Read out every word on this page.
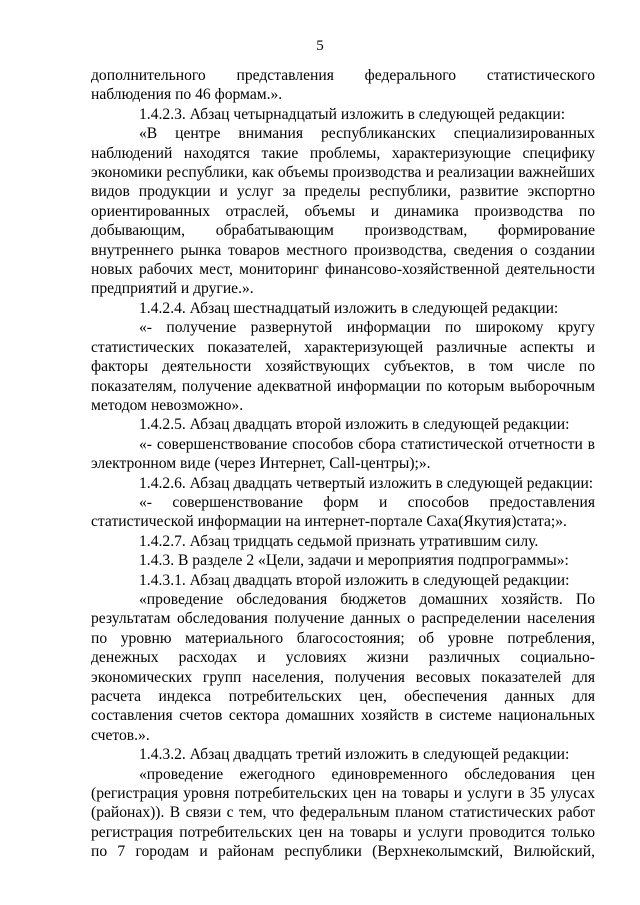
5

дополнительного представления федерального статистического наблюдения по 46 формам.».

1.4.2.3. Абзац четырнадцатый изложить в следующей редакции:

«В центре внимания республиканских специализированных наблюдений находятся такие проблемы, характеризующие специфику экономики республики, как объемы производства и реализации важнейших видов продукции и услуг за пределы республики, развитие экспортно ориентированных отраслей, объемы и динамика производства по добывающим, обрабатывающим производствам, формирование внутреннего рынка товаров местного производства, сведения о создании новых рабочих мест, мониторинг финансово-хозяйственной деятельности предприятий и другие.».

1.4.2.4. Абзац шестнадцатый изложить в следующей редакции:

«- получение развернутой информации по широкому кругу статистических показателей, характеризующей различные аспекты и факторы деятельности хозяйствующих субъектов, в том числе по показателям, получение адекватной информации по которым выборочным методом невозможно».

1.4.2.5. Абзац двадцать второй изложить в следующей редакции:

«- совершенствование способов сбора статистической отчетности в электронном виде (через Интернет, Call-центры);».

1.4.2.6. Абзац двадцать четвертый изложить в следующей редакции:

«- совершенствование форм и способов предоставления статистической информации на интернет-портале Саха(Якутия)стата;».

1.4.2.7. Абзац тридцать седьмой признать утратившим силу.

1.4.3. В разделе 2 «Цели, задачи и мероприятия подпрограммы»:

1.4.3.1. Абзац двадцать второй изложить в следующей редакции:

«проведение обследования бюджетов домашних хозяйств. По результатам обследования получение данных о распределении населения по уровню материального благосостояния; об уровне потребления, денежных расходах и условиях жизни различных социально-экономических групп населения, получения весовых показателей для расчета индекса потребительских цен, обеспечения данных для составления счетов сектора домашних хозяйств в системе национальных счетов.».

1.4.3.2. Абзац двадцать третий изложить в следующей редакции:

«проведение ежегодного единовременного обследования цен (регистрация уровня потребительских цен на товары и услуги в 35 улусах (районах)). В связи с тем, что федеральным планом статистических работ регистрация потребительских цен на товары и услуги проводится только по 7 городам и районам республики (Верхнеколымский, Вилюйский,
